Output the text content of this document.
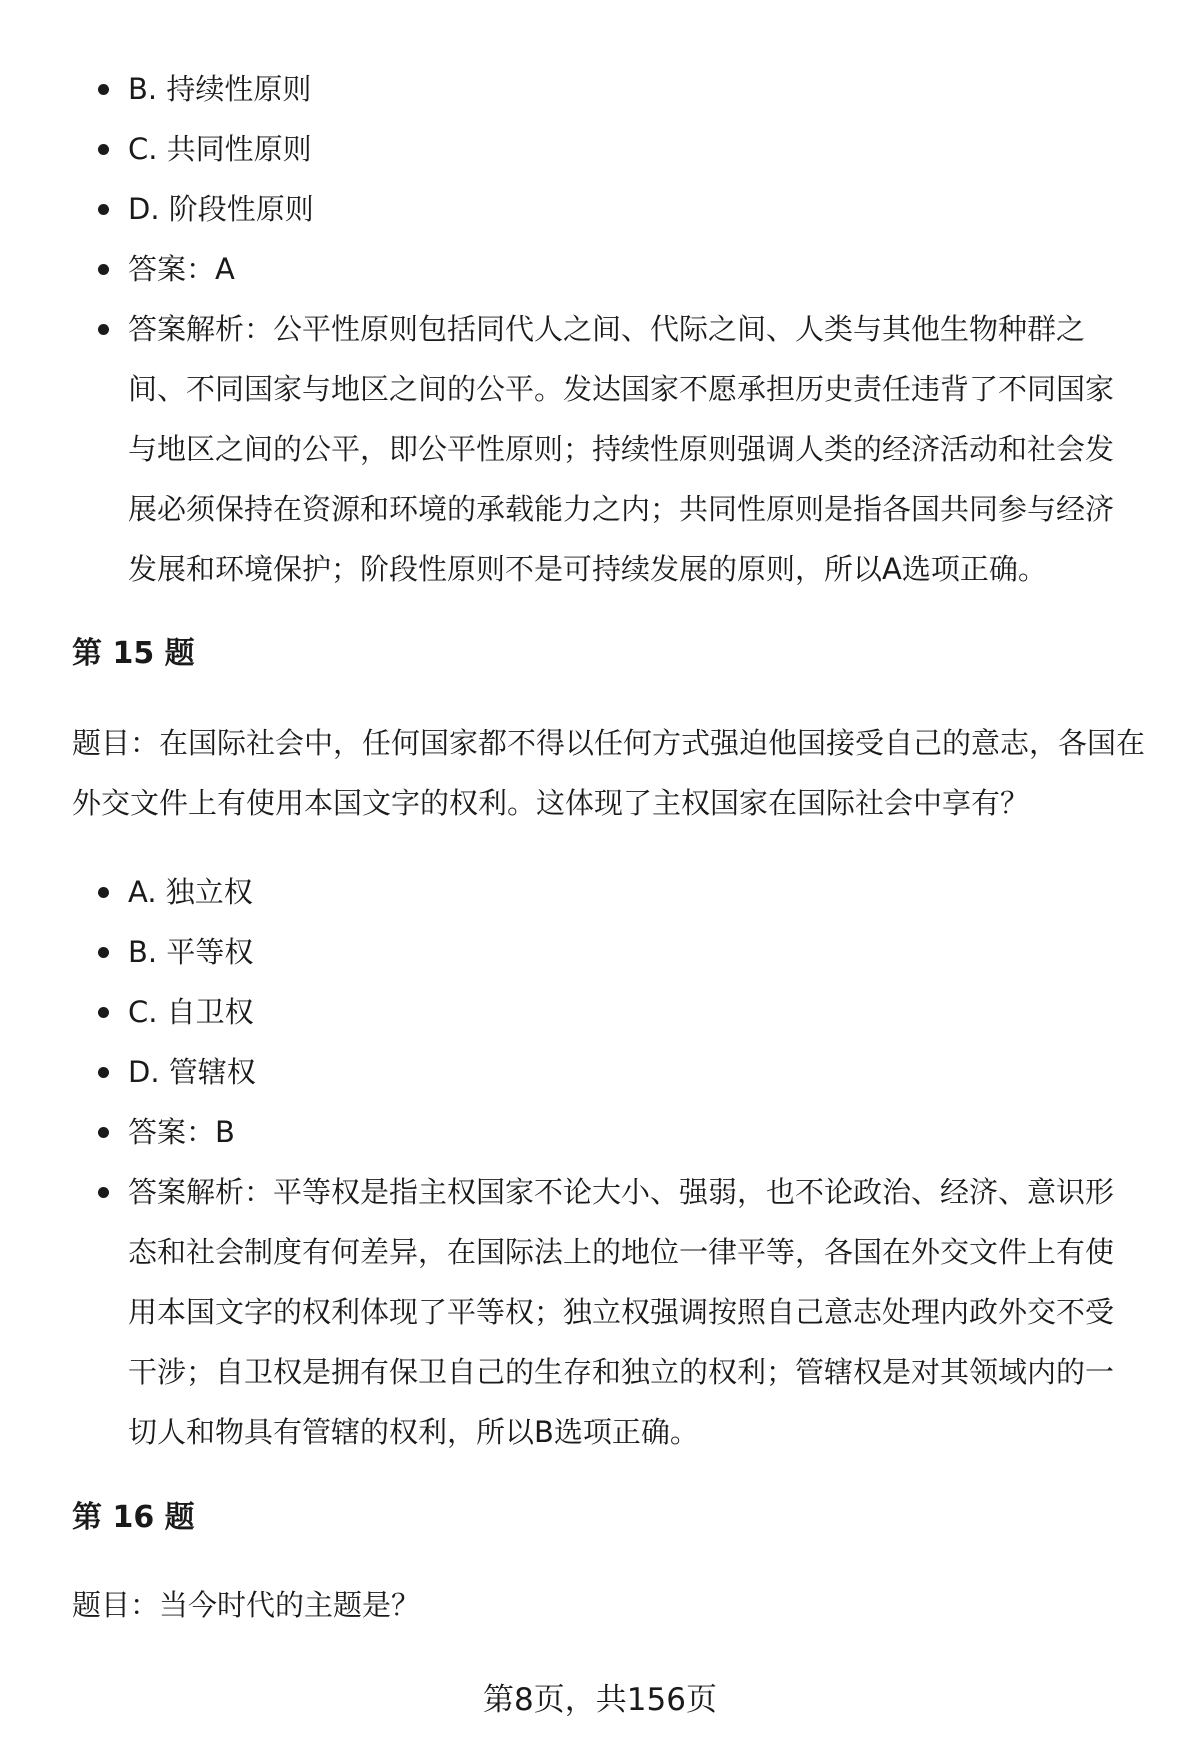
B. 持续性原则
C. 共同性原则
D. 阶段性原则
答案：A
答案解析：公平性原则包括同代人之间、代际之间、人类与其他生物种群之间、不同国家与地区之间的公平。发达国家不愿承担历史责任违背了不同国家与地区之间的公平，即公平性原则；持续性原则强调人类的经济活动和社会发展必须保持在资源和环境的承载能力之内；共同性原则是指各国共同参与经济发展和环境保护；阶段性原则不是可持续发展的原则，所以A选项正确。
第 15 题
题目：在国际社会中，任何国家都不得以任何方式强迫他国接受自己的意志，各国在外交文件上有使用本国文字的权利。这体现了主权国家在国际社会中享有？
A. 独立权
B. 平等权
C. 自卫权
D. 管辖权
答案：B
答案解析：平等权是指主权国家不论大小、强弱，也不论政治、经济、意识形态和社会制度有何差异，在国际法上的地位一律平等，各国在外交文件上有使用本国文字的权利体现了平等权；独立权强调按照自己意志处理内政外交不受干涉；自卫权是拥有保卫自己的生存和独立的权利；管辖权是对其领域内的一切人和物具有管辖的权利，所以B选项正确。
第 16 题
题目：当今时代的主题是？
第8页，共156页
